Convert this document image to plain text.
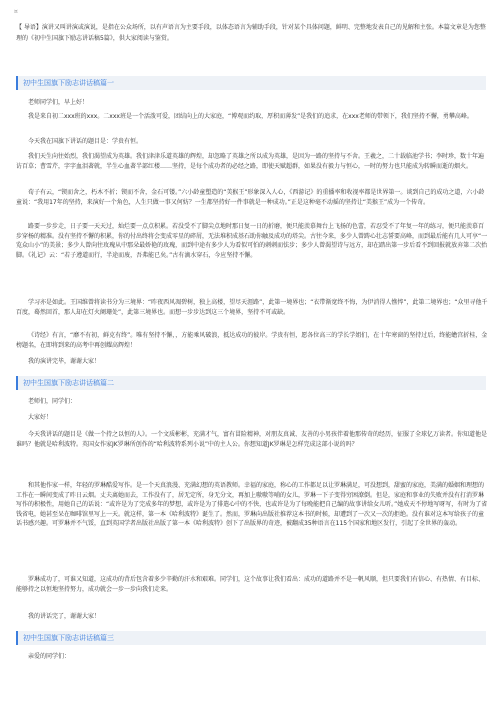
¤
【 导语】演讲又叫讲演或演说，是指在公众场所，以有声语言为主要手段，以体态语言为辅助手段，针对某个具体问题，鲜明、完整地发表自己的见解和主张。本篇文章是为您整理的《初中生国旗下励志讲话稿5篇》，供大家阅读与鉴赏。
初中生国旗下励志讲话稿篇一
老师同学们，早上好！
我是来自初二xxx班的xxx。二xxx班是一个活泼可爱，团结向上的大家庭，“博观而约取，厚积而薄发”是我们的追求，在xxx老师的带领下，我们坚持不懈，勇攀高峰。
今天我在国旗下讲话的题目是：学贵有恒。
我们天生向往始烈，我们渴望成为英雄。我们津津乐道英雄的辉煌，却忽略了英雄之所以成为英雄，是因为一路的坚持与不舍。王羲之，二十载临池学书；李时珍，数十年遍访百草；曹雪芹，字字血泪著就，半生心血著半部红楼……坚持，是每个成功者的必经之路，即使天赋超群，如果没有毅力与恒心，一时的努力也只能成为转瞬而逝的烟火。
荀子有云，“锲而舍之，朽木不折；锲而不舍，金石可镂。”六小龄童塑造的“美猴王”形象深入人心，《西游记》的重播率和收视率都是世界第一。谈到自己的成功之道，六小龄童说：“我用17年的坚持，来演好一个角色，人生只做一事又何妨？一生都坚持好一件事就是一种成功。”正是这种毫不动摇的坚持让“美猴王”成为一个传奇。
路要一步步走，日子要一天天过，灿烂要一点点积累。若没受不了脚尖点地时那日复一日的折磨，便只能羡慕舞台上飞扬的色蕾，若忍受不了年复一年的练习，便只能羡慕百步穿杨的精准。没有坚持不懈的积累，你的付出终将会变成零星的碎屑，无法堆积成基石助你触及成功的塔尖。古往今来，多少人曾踌心壮志誓要高峰，而到最后能有几人可享“一览众山小”的美景；多少人曾向往玫瑰从中那朵最娇艳的玫瑰，而到中途有多少人为看似可怕的刺刺而怯步；多少人曾渴望诗与远方，却在踏出第一步后看不到回报就放弃第二次抬脚。《礼记》云：“若子遵道而行，半途而废，吾弗能已矣。”古有滴水穿石，今应坚持不懈。
学习亦是如此。王国维曾将读书分为三境界：“昨夜西风凋碧树，独上高楼，望尽天涯路”，此第一境界也；“衣带渐宽终不悔，为伊消得人憔悴”，此第二境界也；“众里寻他千百度，蓦然回首，那人却在灯火阑珊处”，此第三境界也。而想一步步达到这三个境界，坚持不可或缺。
《诗经》有言，“靡不有初，鲜克有终”。唯有坚持不懈，，方能乘风破浪，抵达成功的彼岸。学贵有恒，愿各位高三的学长学姐们，在十年寒窗的坚持过后，终能蟾宫折桂，金榜题名，在即将到来的高考中再创耀高辉煌！
我的演讲完毕，谢谢大家！
初中生国旗下励志讲话稿篇二
老师们，同学们：
大家好！
今天我讲话的题目是《做一个持之以恒的人》。一个文质彬彬，充满才气，富有冒险精神，对朋友真诚、友善的小男孩伴着他那传奇的经历，征服了全球亿万读者。你知道他是谁吗？他就是哈利波特。英国女作家JK罗琳所创作的“哈利波特系列小说”中的主人公。你想知道JK罗琳是怎样完成这部小说的吗？
和其他作家一样，年轻的罗琳酷爱写作。是一个天真浪漫、充满幻想的英语教师。幸福的家庭，称心的工作都足以让罗琳满足，可没想到，甜蜜的家庭，美满的婚姻和理想的工作在一瞬间变成了昨日云烟。丈夫离她而去，工作没有了，居无定所，身无分文，再加上嗷嗷等哺的女儿，罗琳一下子变得穷困潦倒。但是，家庭和事业的失败并没有打消罗琳写作的积极性，用她自己的话说：“或许是为了完成多年的梦想，或许是为了排遣心中的不快，也或许是为了每晚能把自己编的故事讲给女儿听。”她成天不停地写呀写，有时为了省钱省电，她甚至呆在咖啡馆里写上一天。就这样，第一本《哈利波特》诞生了。然而，罗琳向出版社推荐这本书的时候，却遭到了一次又一次的拒绝。没有谁对这本写给孩子的童话书感兴趣。可罗琳并不气馁，直到英国学者出版社出版了第一本《哈利波特》创下了出版界的奇迹，被翻成35种语言在115个国家和地区发行，引起了全世界的轰动。
罗琳成功了，可谁又知道，这成功的背后包含着多少辛勤的汗水和艰难。同学们，这个故事让我们看出：成功的道路并不是一帆风顺，但只要我们有信心、有热情、有目标、能够持之以恒地坚持努力，成功就会一步一步向我们走来。
我的讲话完了，谢谢大家！
初中生国旗下励志讲话稿篇三
亲爱的同学们：
